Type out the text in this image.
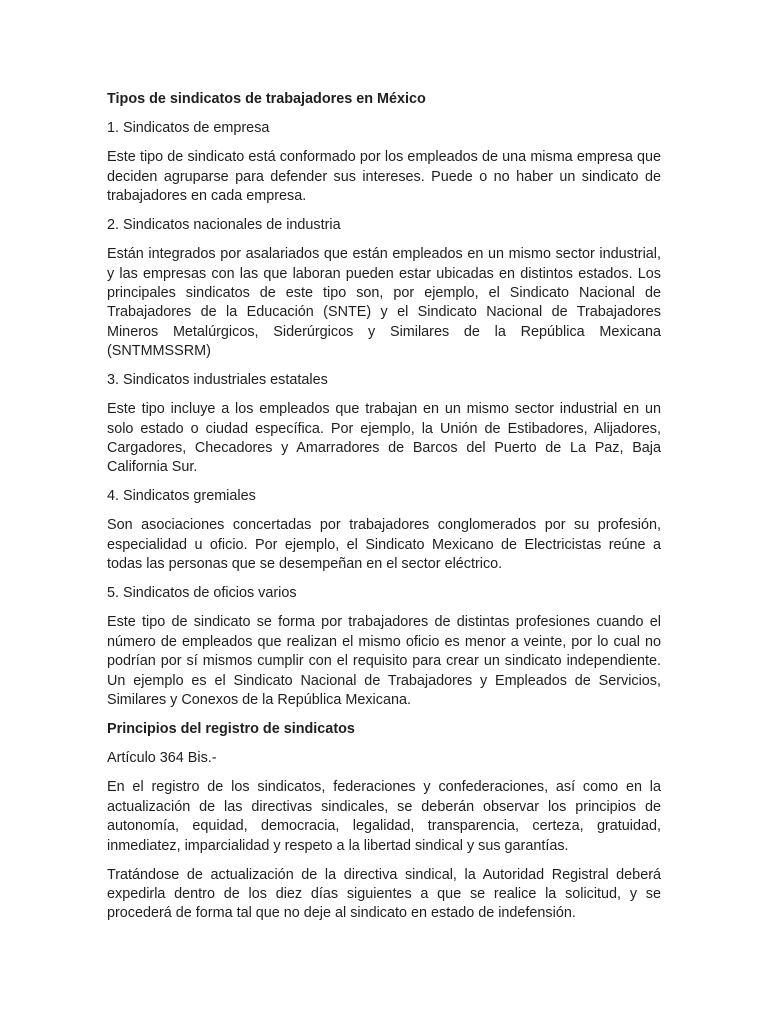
Tipos de sindicatos de trabajadores en México

1. Sindicatos de empresa

Este tipo de sindicato está conformado por los empleados de una misma empresa que deciden agruparse para defender sus intereses. Puede o no haber un sindicato de trabajadores en cada empresa.

2. Sindicatos nacionales de industria

Están integrados por asalariados que están empleados en un mismo sector industrial, y las empresas con las que laboran pueden estar ubicadas en distintos estados. Los principales sindicatos de este tipo son, por ejemplo, el Sindicato Nacional de Trabajadores de la Educación (SNTE) y el Sindicato Nacional de Trabajadores Mineros Metalúrgicos, Siderúrgicos y Similares de la República Mexicana (SNTMMSSRM)

3. Sindicatos industriales estatales

Este tipo incluye a los empleados que trabajan en un mismo sector industrial en un solo estado o ciudad específica. Por ejemplo, la Unión de Estibadores, Alijadores, Cargadores, Checadores y Amarradores de Barcos del Puerto de La Paz, Baja California Sur.

4. Sindicatos gremiales

Son asociaciones concertadas por trabajadores conglomerados por su profesión, especialidad u oficio. Por ejemplo, el Sindicato Mexicano de Electricistas reúne a todas las personas que se desempeñan en el sector eléctrico.

5. Sindicatos de oficios varios

Este tipo de sindicato se forma por trabajadores de distintas profesiones cuando el número de empleados que realizan el mismo oficio es menor a veinte, por lo cual no podrían por sí mismos cumplir con el requisito para crear un sindicato independiente. Un ejemplo es el Sindicato Nacional de Trabajadores y Empleados de Servicios, Similares y Conexos de la República Mexicana.

Principios del registro de sindicatos

Artículo 364 Bis.-

En el registro de los sindicatos, federaciones y confederaciones, así como en la actualización de las directivas sindicales, se deberán observar los principios de autonomía, equidad, democracia, legalidad, transparencia, certeza, gratuidad, inmediatez, imparcialidad y respeto a la libertad sindical y sus garantías.

Tratándose de actualización de la directiva sindical, la Autoridad Registral deberá expedirla dentro de los diez días siguientes a que se realice la solicitud, y se procederá de forma tal que no deje al sindicato en estado de indefensión.
